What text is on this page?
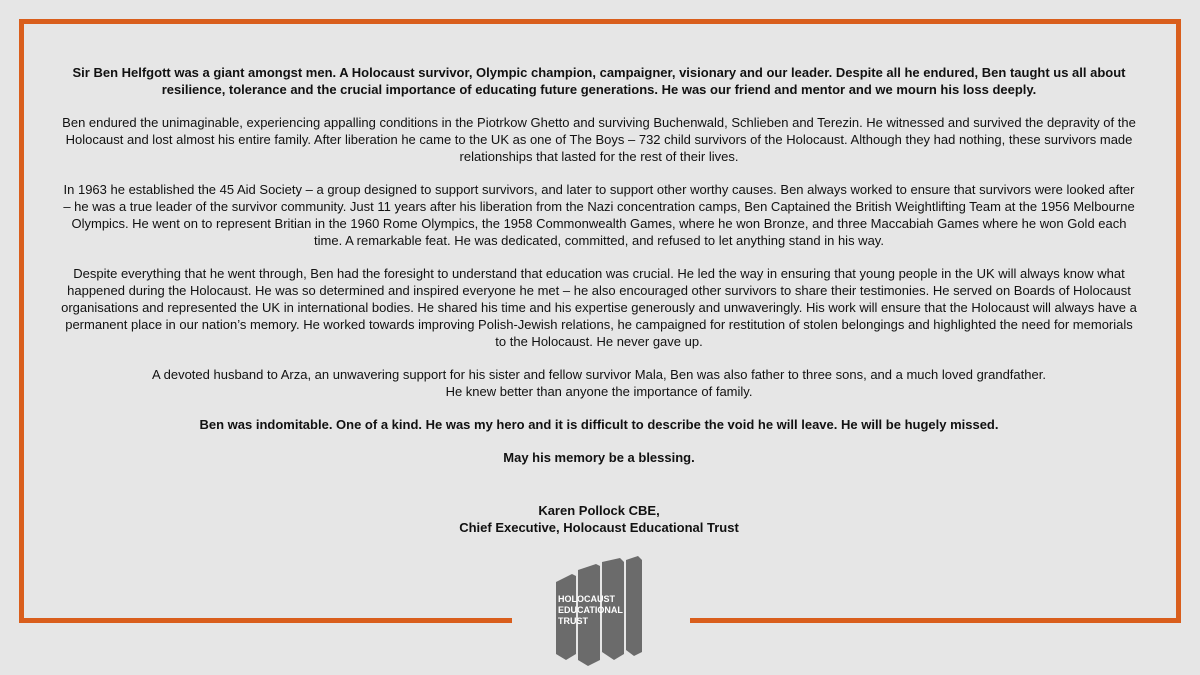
Sir Ben Helfgott was a giant amongst men. A Holocaust survivor, Olympic champion, campaigner, visionary and our leader. Despite all he endured, Ben taught us all about resilience, tolerance and the crucial importance of educating future generations. He was our friend and mentor and we mourn his loss deeply.

Ben endured the unimaginable, experiencing appalling conditions in the Piotrkow Ghetto and surviving Buchenwald, Schlieben and Terezin. He witnessed and survived the depravity of the Holocaust and lost almost his entire family. After liberation he came to the UK as one of The Boys – 732 child survivors of the Holocaust. Although they had nothing, these survivors made relationships that lasted for the rest of their lives.

In 1963 he established the 45 Aid Society – a group designed to support survivors, and later to support other worthy causes. Ben always worked to ensure that survivors were looked after – he was a true leader of the survivor community. Just 11 years after his liberation from the Nazi concentration camps, Ben Captained the British Weightlifting Team at the 1956 Melbourne Olympics. He went on to represent Britian in the 1960 Rome Olympics, the 1958 Commonwealth Games, where he won Bronze, and three Maccabiah Games where he won Gold each time. A remarkable feat. He was dedicated, committed, and refused to let anything stand in his way.

Despite everything that he went through, Ben had the foresight to understand that education was crucial. He led the way in ensuring that young people in the UK will always know what happened during the Holocaust. He was so determined and inspired everyone he met – he also encouraged other survivors to share their testimonies. He served on Boards of Holocaust organisations and represented the UK in international bodies. He shared his time and his expertise generously and unwaveringly. His work will ensure that the Holocaust will always have a permanent place in our nation’s memory. He worked towards improving Polish-Jewish relations, he campaigned for restitution of stolen belongings and highlighted the need for memorials to the Holocaust. He never gave up.

A devoted husband to Arza, an unwavering support for his sister and fellow survivor Mala, Ben was also father to three sons, and a much loved grandfather.
He knew better than anyone the importance of family.

Ben was indomitable. One of a kind. He was my hero and it is difficult to describe the void he will leave. He will be hugely missed.

May his memory be a blessing.

Karen Pollock CBE,
Chief Executive, Holocaust Educational Trust

HOLOCAUST
EDUCATIONAL
TRUST
